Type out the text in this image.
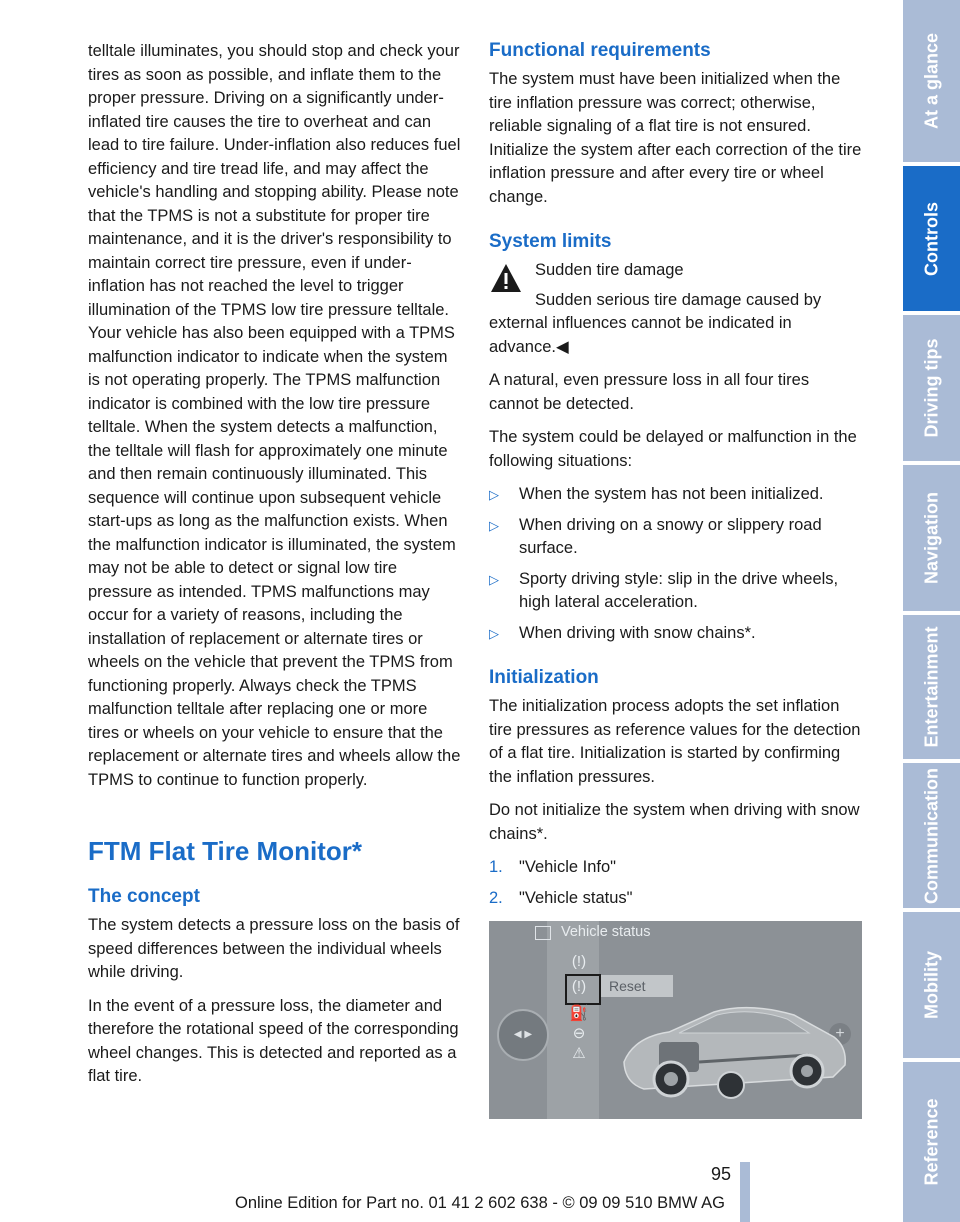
telltale illuminates, you should stop and check your tires as soon as possible, and inflate them to the proper pressure. Driving on a significantly under-inflated tire causes the tire to overheat and can lead to tire failure. Under-inflation also reduces fuel efficiency and tire tread life, and may affect the vehicle's handling and stopping ability. Please note that the TPMS is not a substitute for proper tire maintenance, and it is the driver's responsibility to maintain correct tire pressure, even if under-inflation has not reached the level to trigger illumination of the TPMS low tire pressure telltale. Your vehicle has also been equipped with a TPMS malfunction indicator to indicate when the system is not operating properly. The TPMS malfunction indicator is combined with the low tire pressure telltale. When the system detects a malfunction, the telltale will flash for approximately one minute and then remain continuously illuminated. This sequence will continue upon subsequent vehicle start-ups as long as the malfunction exists. When the malfunction indicator is illuminated, the system may not be able to detect or signal low tire pressure as intended. TPMS malfunctions may occur for a variety of reasons, including the installation of replacement or alternate tires or wheels on the vehicle that prevent the TPMS from functioning properly. Always check the TPMS malfunction telltale after replacing one or more tires or wheels on your vehicle to ensure that the replacement or alternate tires and wheels allow the TPMS to continue to function properly.

FTM Flat Tire Monitor*
The concept

The system detects a pressure loss on the basis of speed differences between the individual wheels while driving.

In the event of a pressure loss, the diameter and therefore the rotational speed of the corresponding wheel changes. This is detected and reported as a flat tire.

Functional requirements

The system must have been initialized when the tire inflation pressure was correct; otherwise, reliable signaling of a flat tire is not ensured. Initialize the system after each correction of the tire inflation pressure and after every tire or wheel change.

System limits

Sudden tire damage

Sudden serious tire damage caused by external influences cannot be indicated in advance.◀

A natural, even pressure loss in all four tires cannot be detected.

The system could be delayed or malfunction in the following situations:

▷ When the system has not been initialized.
▷ When driving on a snowy or slippery road surface.
▷ Sporty driving style: slip in the drive wheels, high lateral acceleration.
▷ When driving with snow chains*.
Initialization

The initialization process adopts the set inflation tire pressures as reference values for the detection of a flat tire. Initialization is started by confirming the inflation pressures.

Do not initialize the system when driving with snow chains*.

1. "Vehicle Info"
2. "Vehicle status"
Vehicle status
(!)
(!)	Reset
⛽
⊖
⚠
◀ ▶	+
At a glance
Controls
Driving tips
Navigation
Entertainment
Communication
Mobility
Reference
95
Online Edition for Part no. 01 41 2 602 638 - © 09 09 510 BMW AG
